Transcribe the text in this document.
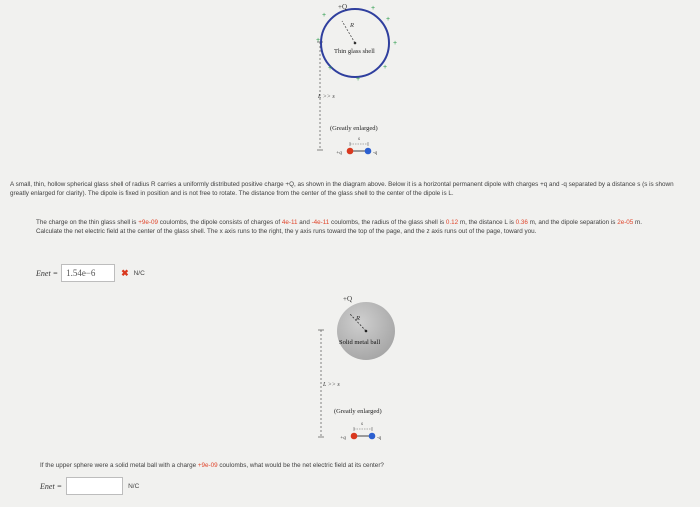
+
+
+
+
+
+
+
+
+Q
R
Thin glass shell
L >> s
(Greatly enlarged)
s
+q	-q
+Q
R
Solid metal ball
L >> s
(Greatly enlarged)
s
+q	-q

A small, thin, hollow spherical glass shell of radius R carries a uniformly distributed positive charge +Q, as shown in the diagram above. Below it is a horizontal permanent dipole with charges +q and -q separated by a distance s (s is shown greatly enlarged for clarity). The dipole is fixed in position and is not free to rotate. The distance from the center of the glass shell to the center of the dipole is L.

The charge on the thin glass shell is +9e-09 coulombs, the dipole consists of charges of 4e-11 and -4e-11 coulombs, the radius of the glass shell is 0.12 m, the distance L is 0.36 m, and the dipole separation is 2e-05 m. Calculate the net electric field at the center of the glass shell. The x axis runs to the right, the y axis runs toward the top of the page, and the z axis runs out of the page, toward you.

Enet = 1.54e−6	✖ N/C

If the upper sphere were a solid metal ball with a charge +9e-09 coulombs, what would be the net electric field at its center?

Enet =	N/C
